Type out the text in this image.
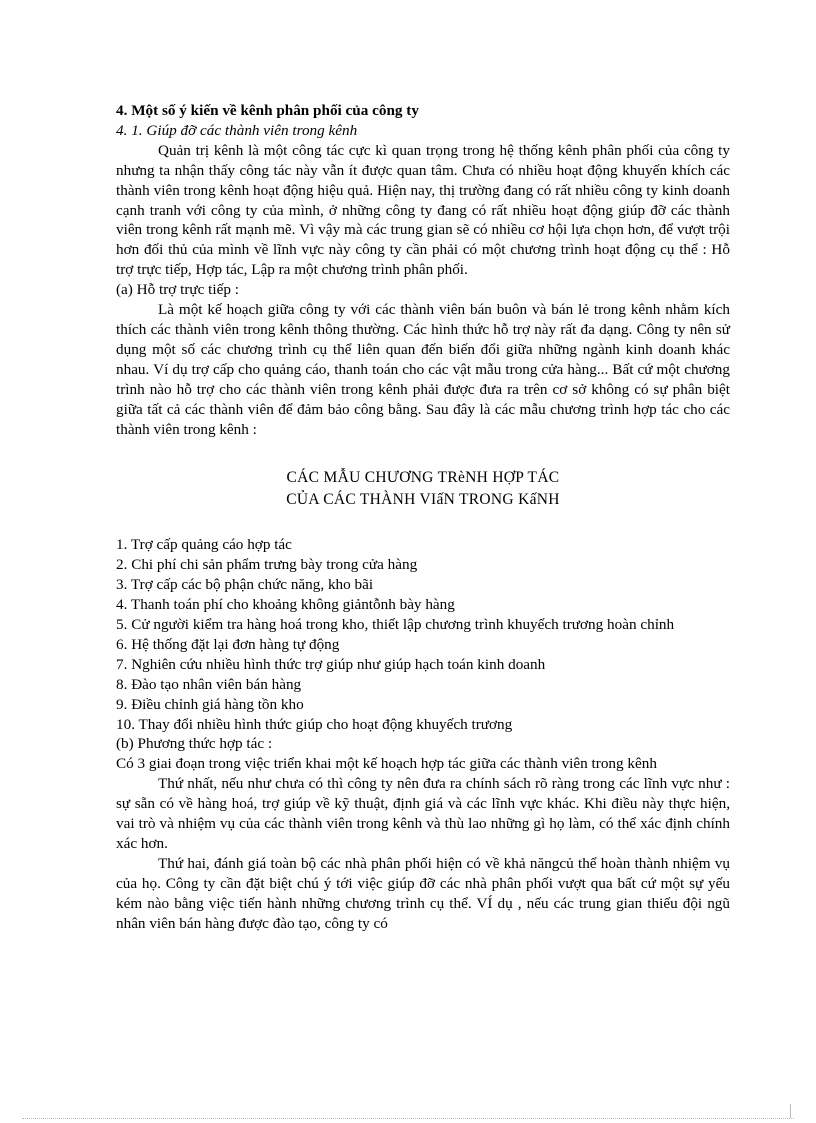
4. Một số ý kiến về kênh phân phối của công ty

4. 1. Giúp đỡ các thành viên trong kênh

Quản trị kênh là một công tác cực kì quan trọng trong hệ thống kênh phân phối của công ty nhưng ta nhận thấy công tác này vẫn ít được quan tâm. Chưa có nhiều hoạt động khuyến khích các thành viên trong kênh hoạt động hiệu quả. Hiện nay, thị trường đang có rất nhiều công ty kinh doanh cạnh tranh với công ty của mình, ở những công ty đang có rất nhiều hoạt động giúp đỡ các thành viên trong kênh rất mạnh mẽ. Vì vậy mà các trung gian sẽ có nhiều cơ hội lựa chọn hơn, để vượt trội hơn đối thủ của mình về lĩnh vực này công ty cần phải có một chương trình hoạt động cụ thể : Hỗ trợ trực tiếp, Hợp tác, Lập ra một chương trình phân phối.

(a) Hỗ trợ trực tiếp :

Là một kế hoạch giữa công ty với các thành viên bán buôn và bán lẻ trong kênh nhằm kích thích các thành viên trong kênh thông thường. Các hình thức hỗ trợ này rất đa dạng. Công ty nên sử dụng một số các chương trình cụ thể liên quan đến biến đổi giữa những ngành kinh doanh khác nhau. Ví dụ trợ cấp cho quảng cáo, thanh toán cho các vật mẫu trong cửa hàng... Bất cứ một chương trình nào hỗ trợ cho các thành viên trong kênh phải được đưa ra trên cơ sở không có sự phân biệt giữa tất cả các thành viên để đảm bảo công bằng. Sau đây là các mẫu chương trình hợp tác cho các thành viên trong kênh :

CÁC MẪU CHƯƠNG TRèNH HỢP TÁC
CỦA CÁC THÀNH VIấN TRONG KấNH
1. Trợ cấp quảng cáo hợp tác
2. Chi phí chi sản phẩm trưng bày trong cửa hàng
3. Trợ cấp các bộ phận chức năng, kho bãi
4. Thanh toán phí cho khoảng không giảntỗnh bày hàng
5. Cử người kiểm tra hàng hoá trong kho, thiết lập chương trình khuyếch trương hoàn chỉnh
6. Hệ thống đặt lại đơn hàng tự động
7. Nghiên cứu nhiều hình thức trợ giúp như giúp hạch toán kinh doanh
8. Đào tạo nhân viên bán hàng
9. Điều chỉnh giá hàng tồn kho
10. Thay đổi nhiều hình thức giúp cho hoạt động khuyếch trương

(b) Phương thức hợp tác :

Có 3 giai đoạn trong việc triển khai một kế hoạch hợp tác giữa các thành viên trong kênh

Thứ nhất, nếu như chưa có thì công ty nên đưa ra chính sách rõ ràng trong các lĩnh vực như : sự sẵn có về hàng hoá, trợ giúp về kỹ thuật, định giá và các lĩnh vực khác. Khi điều này thực hiện, vai trò và nhiệm vụ của các thành viên trong kênh và thù lao những gì họ làm, có thể xác định chính xác hơn.

Thứ hai, đánh giá toàn bộ các nhà phân phối hiện có về khả năngcủ thể hoàn thành nhiệm vụ của họ. Công ty cần đặt biệt chú ý tới việc giúp đỡ các nhà phân phối vượt qua bất cứ một sự yếu kém nào bằng việc tiến hành những chương trình cụ thể. VÍ dụ , nếu các trung gian thiếu đội ngũ nhân viên bán hàng được đào tạo, công ty có
